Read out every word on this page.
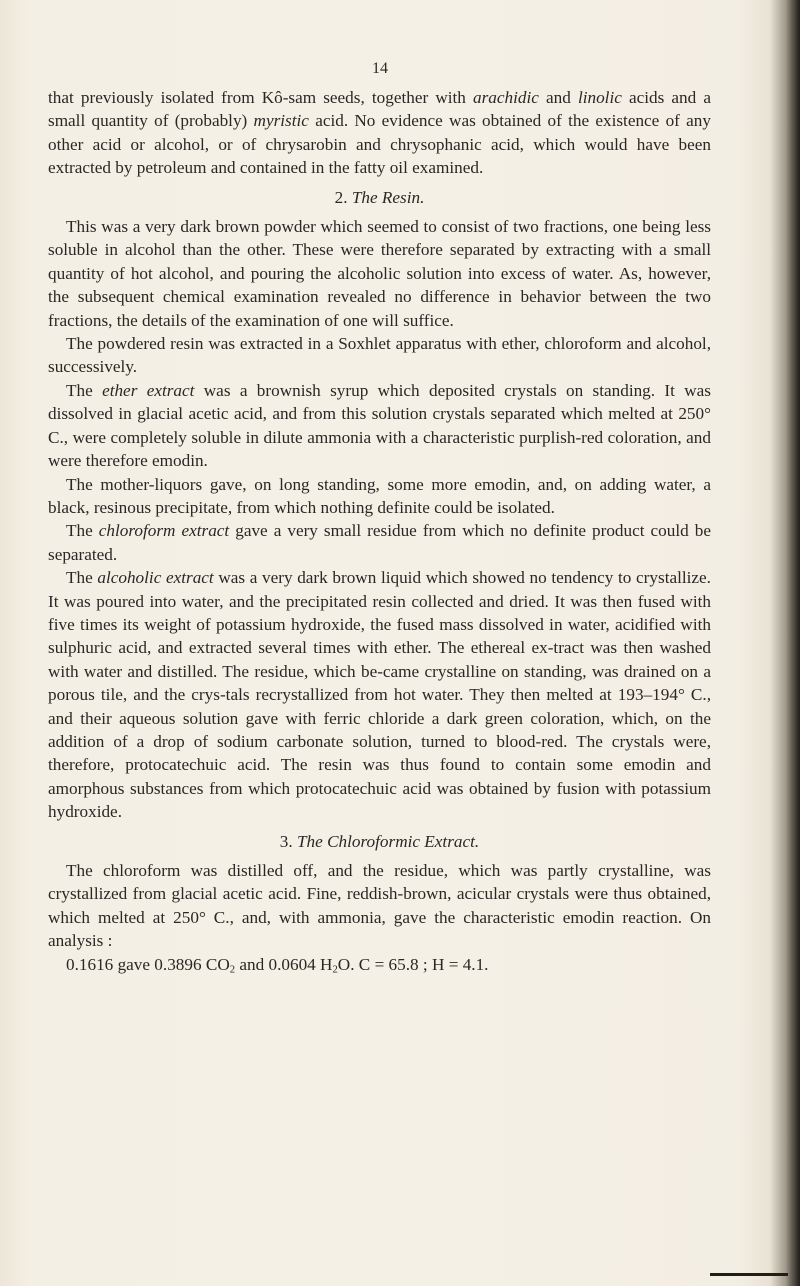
14

that previously isolated from Kô-sam seeds, together with arachidic and linolic acids and a small quantity of (probably) myristic acid. No evidence was obtained of the existence of any other acid or alcohol, or of chrysarobin and chrysophanic acid, which would have been extracted by petroleum and contained in the fatty oil examined.

2. The Resin.

This was a very dark brown powder which seemed to consist of two fractions, one being less soluble in alcohol than the other. These were therefore separated by extracting with a small quantity of hot alcohol, and pouring the alcoholic solution into excess of water. As, however, the subsequent chemical examination revealed no difference in behavior between the two fractions, the details of the examination of one will suffice.

The powdered resin was extracted in a Soxhlet apparatus with ether, chloroform and alcohol, successively.

The ether extract was a brownish syrup which deposited crystals on standing. It was dissolved in glacial acetic acid, and from this solution crystals separated which melted at 250° C., were completely soluble in dilute ammonia with a characteristic purplish-red coloration, and were therefore emodin.

The mother-liquors gave, on long standing, some more emodin, and, on adding water, a black, resinous precipitate, from which nothing definite could be isolated.

The chloroform extract gave a very small residue from which no definite product could be separated.

The alcoholic extract was a very dark brown liquid which showed no tendency to crystallize. It was poured into water, and the precipitated resin collected and dried. It was then fused with five times its weight of potassium hydroxide, the fused mass dissolved in water, acidified with sulphuric acid, and extracted several times with ether. The ethereal ex-tract was then washed with water and distilled. The residue, which be-came crystalline on standing, was drained on a porous tile, and the crys-tals recrystallized from hot water. They then melted at 193–194° C., and their aqueous solution gave with ferric chloride a dark green coloration, which, on the addition of a drop of sodium carbonate solution, turned to blood-red. The crystals were, therefore, protocatechuic acid. The resin was thus found to contain some emodin and amorphous substances from which protocatechuic acid was obtained by fusion with potassium hydroxide.

3. The Chloroformic Extract.

The chloroform was distilled off, and the residue, which was partly crystalline, was crystallized from glacial acetic acid. Fine, reddish-brown, acicular crystals were thus obtained, which melted at 250° C., and, with ammonia, gave the characteristic emodin reaction. On analysis :

0.1616 gave 0.3896 $CO_2$ and 0.0604 $H_2O$. C = 65.8 ; H = 4.1.
